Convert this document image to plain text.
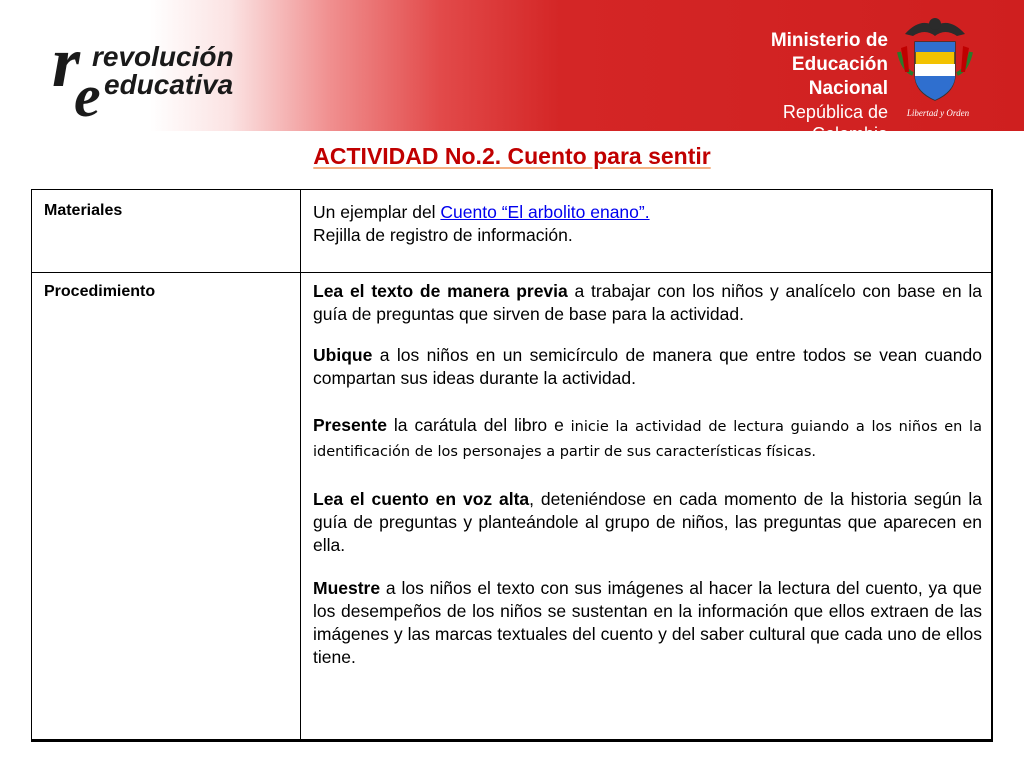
r
e
revolución
educativa
Ministerio de
Educación Nacional
República de Colombia
Libertad y Orden
ACTIVIDAD No.2. Cuento para sentir
Materiales	Un ejemplar del Cuento “El arbolito enano”.
Rejilla de registro de información.
Procedimiento	Lea el texto de manera previa a trabajar con los niños y analícelo con base en la guía de preguntas que sirven de base para la actividad.

Ubique a los niños en un semicírculo de manera que entre todos se vean cuando compartan sus ideas durante la actividad.

Presente la carátula del libro e inicie la actividad de lectura guiando a los niños en la identificación de los personajes a partir de sus características físicas.

Lea el cuento en voz alta, deteniéndose en cada momento de la historia según la guía de preguntas y planteándole al grupo de niños, las preguntas que aparecen en ella.

Muestre a los niños el texto con sus imágenes al hacer la lectura del cuento, ya que los desempeños de los niños se sustentan en la información que ellos extraen de las imágenes y las marcas textuales del cuento y del saber cultural que cada uno de ellos tiene.
